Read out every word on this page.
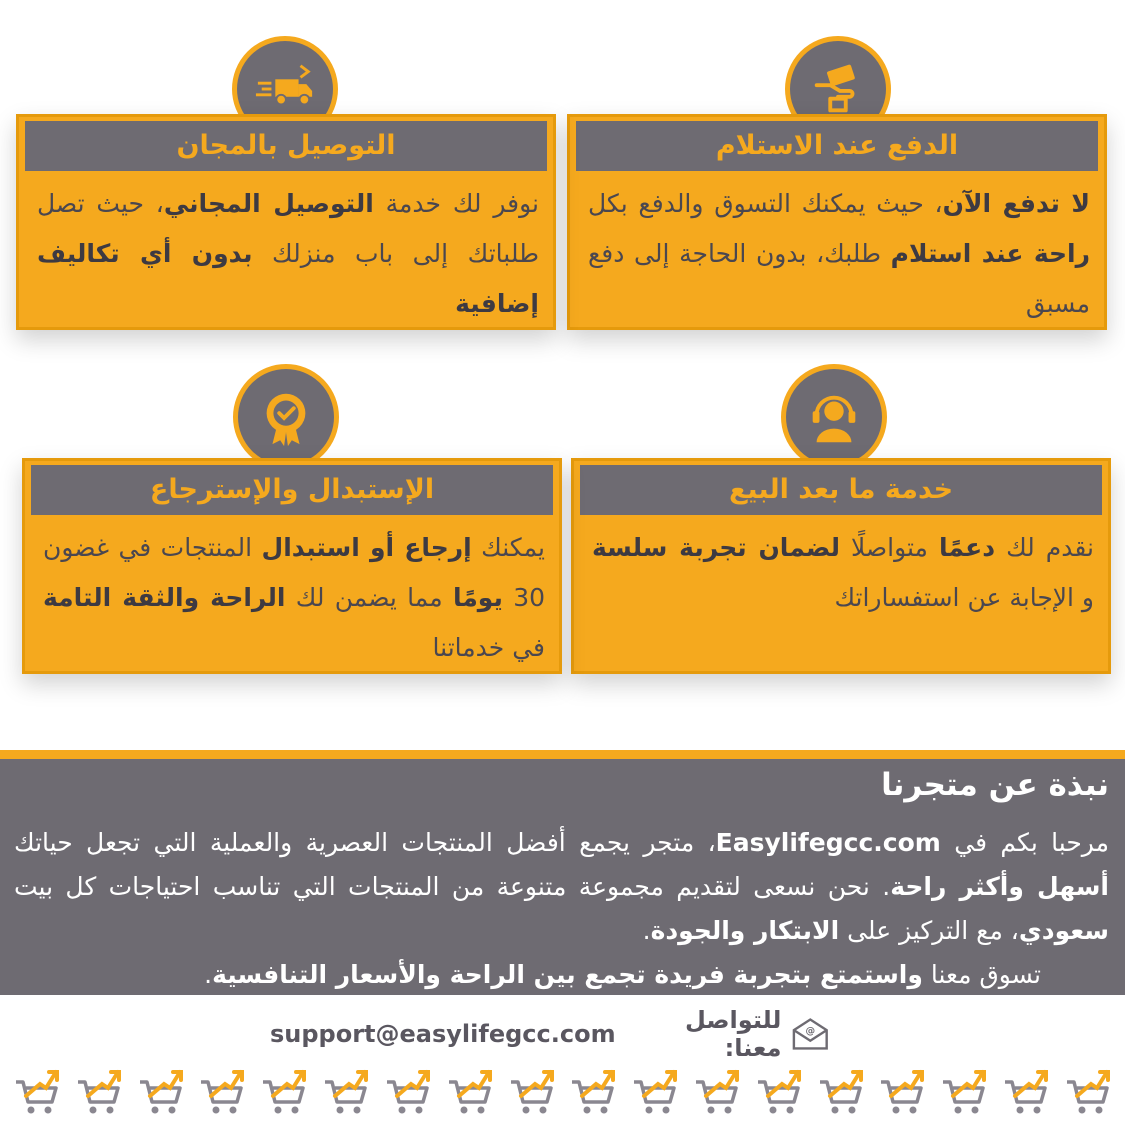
الدفع عند الاستلام
لا تدفع الآن، حيث يمكنك التسوق والدفع بكل راحة عند استلام طلبك، بدون الحاجة إلى دفع مسبق
التوصيل بالمجان
نوفر لك خدمة التوصيل المجاني، حيث تصل طلباتك إلى باب منزلك بدون أي تكاليف إضافية
خدمة ما بعد البيع
نقدم لك دعمًا متواصلًا لضمان تجربة سلسة و الإجابة عن استفساراتك
الإستبدال والإسترجاع
يمكنك إرجاع أو استبدال المنتجات في غضون 30 يومًا مما يضمن لك الراحة والثقة التامة في خدماتنا
نبذة عن متجرنا
مرحبا بكم في Easylifegcc.com، متجر يجمع أفضل المنتجات العصرية والعملية التي تجعل حياتك أسهل وأكثر راحة. نحن نسعى لتقديم مجموعة متنوعة من المنتجات التي تناسب احتياجات كل بيت سعودي، مع التركيز على الابتكار والجودة.
تسوق معنا واستمتع بتجربة فريدة تجمع بين الراحة والأسعار التنافسية.
@
للتواصل معنا:
support@easylifegcc.com
